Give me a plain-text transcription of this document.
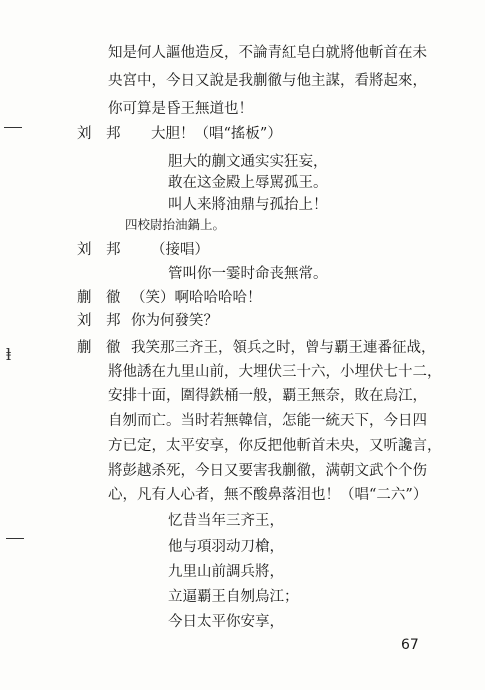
知是何人謳他造反，不論青紅皂白就將他斬首在未
央宮中，今日又說是我蒯徹与他主謀，看將起來，
你可算是昏王無道也！
刘　邦 大胆！（唱“搖板”）
胆大的蒯文通实实狂妄，
敢在这金殿上辱駡孤王。
叫人来將油鼎与孤抬上！
四校尉抬油鍋上。
刘　邦 （接唱）
管叫你一霎时命丧無常。
蒯　徹 （笑）啊哈哈哈哈！
刘　邦 你为何發笑？
蒯　徹 我笑那三齐王，領兵之时，曾与覇王連番征战，
將他誘在九里山前，大埋伏三十六，小埋伏七十二，
安排十面，圍得鉄桶一般，覇王無奈，敗在烏江，
自刎而亡。当时若無韓信，怎能一統天下，今日四
方已定，太平安享，你反把他斬首未央，又听讒言，
將彭越杀死，今日又要害我蒯徹，满朝文武个个伤
心，凡有人心者，無不酸鼻落泪也！（唱“二六”）
忆昔当年三齐王，
他与項羽动刀槍，
九里山前調兵將，
立逼覇王自刎烏江；
今日太平你安享，
67
ⱡ
